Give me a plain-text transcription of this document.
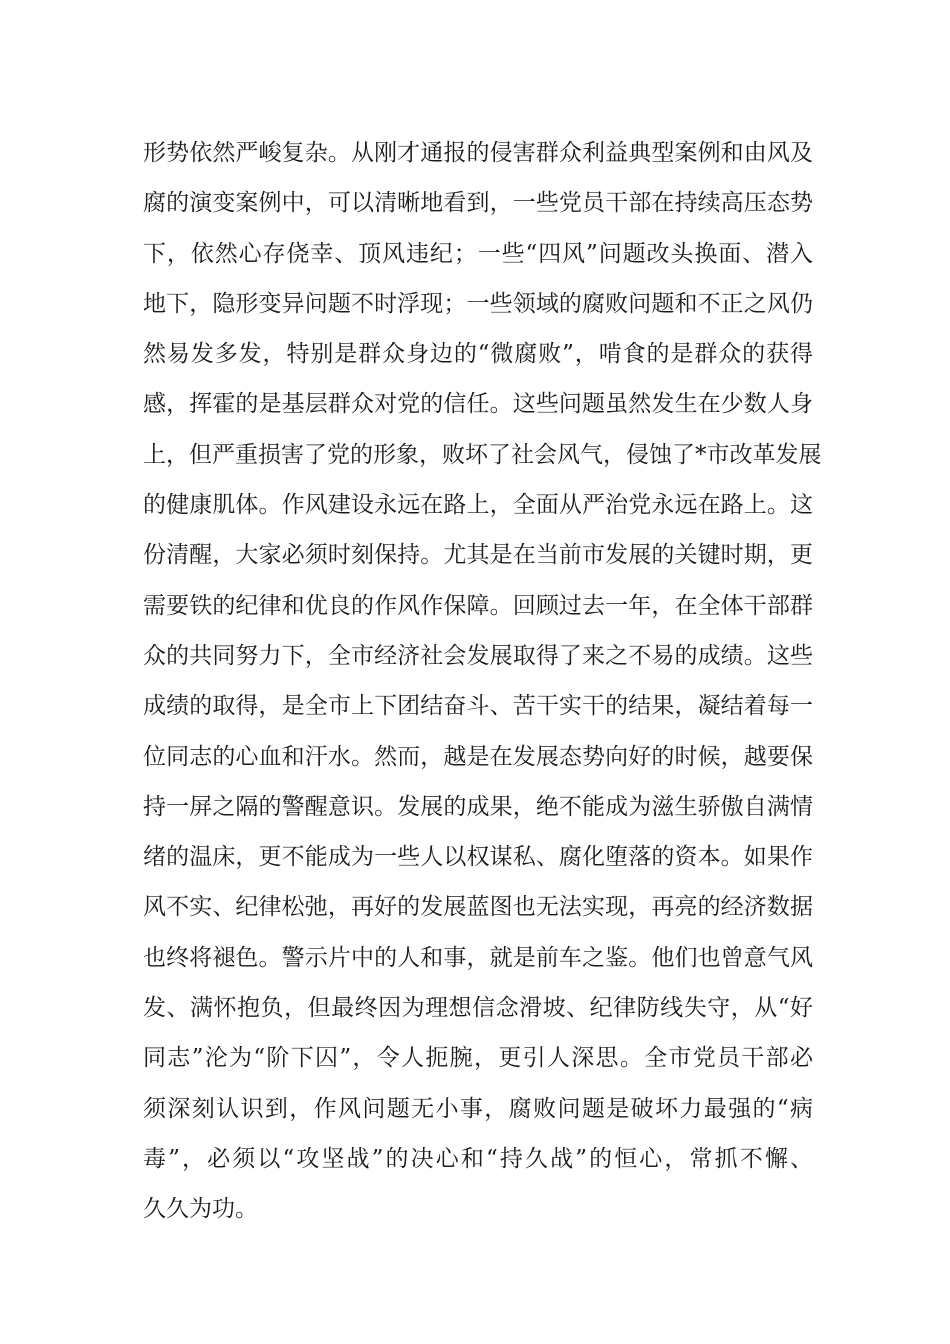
形势依然严峻复杂。从刚才通报的侵害群众利益典型案例和由风及
腐的演变案例中，可以清晰地看到，一些党员干部在持续高压态势
下，依然心存侥幸、顶风违纪；一些“四风”问题改头换面、潜入
地下，隐形变异问题不时浮现；一些领域的腐败问题和不正之风仍
然易发多发，特别是群众身边的“微腐败”，啃食的是群众的获得
感，挥霍的是基层群众对党的信任。这些问题虽然发生在少数人身
上，但严重损害了党的形象，败坏了社会风气，侵蚀了*市改革发展
的健康肌体。作风建设永远在路上，全面从严治党永远在路上。这
份清醒，大家必须时刻保持。尤其是在当前市发展的关键时期，更
需要铁的纪律和优良的作风作保障。回顾过去一年，在全体干部群
众的共同努力下，全市经济社会发展取得了来之不易的成绩。这些
成绩的取得，是全市上下团结奋斗、苦干实干的结果，凝结着每一
位同志的心血和汗水。然而，越是在发展态势向好的时候，越要保
持一屏之隔的警醒意识。发展的成果，绝不能成为滋生骄傲自满情
绪的温床，更不能成为一些人以权谋私、腐化堕落的资本。如果作
风不实、纪律松弛，再好的发展蓝图也无法实现，再亮的经济数据
也终将褪色。警示片中的人和事，就是前车之鉴。他们也曾意气风
发、满怀抱负，但最终因为理想信念滑坡、纪律防线失守，从“好
同志”沦为“阶下囚”，令人扼腕，更引人深思。全市党员干部必
须深刻认识到，作风问题无小事，腐败问题是破坏力最强的“病
毒”，必须以“攻坚战”的决心和“持久战”的恒心，常抓不懈、
久久为功。
